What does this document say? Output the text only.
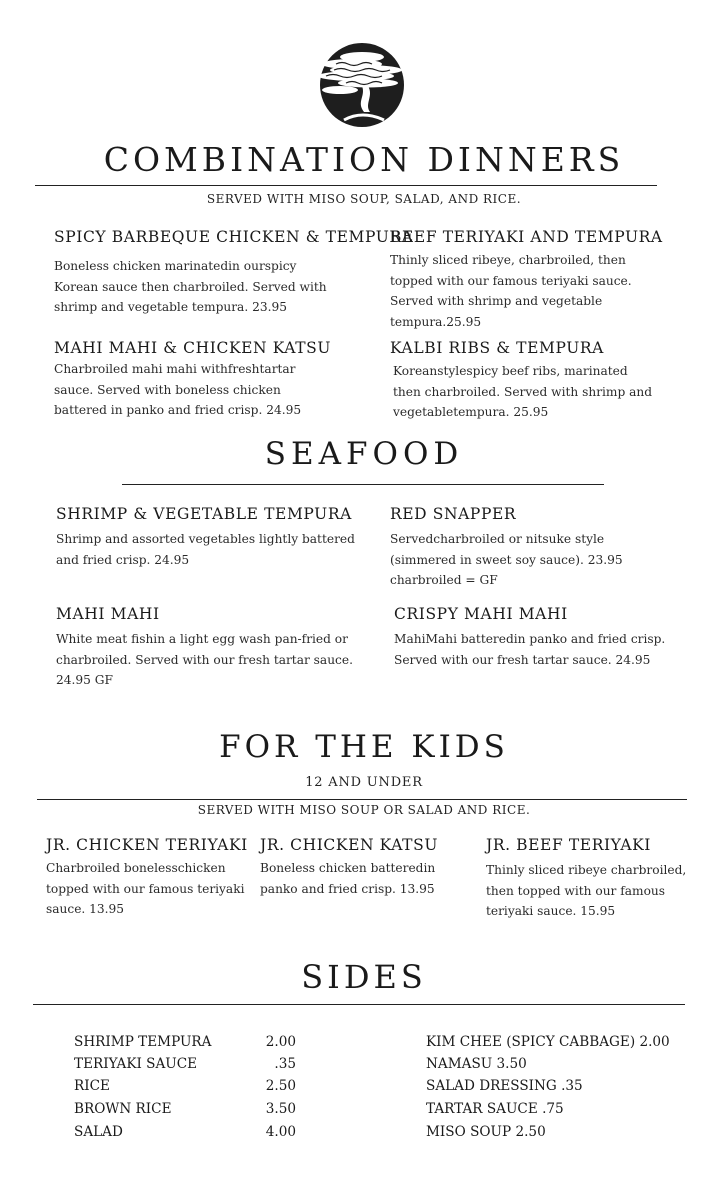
COMBINATION DINNERS
SERVED WITH MISO SOUP, SALAD, AND RICE.
SPICY BARBEQUE CHICKEN & TEMPURA
Boneless chicken marinatedin ourspicy
Korean sauce then charbroiled. Served with
shrimp and vegetable tempura. 23.95
BEEF TERIYAKI AND TEMPURA
Thinly sliced ribeye, charbroiled, then
topped with our famous teriyaki sauce.
Served with shrimp and vegetable
tempura.25.95
MAHI MAHI & CHICKEN KATSU
Charbroiled mahi mahi withfreshtartar
sauce. Served with boneless chicken
battered in panko and fried crisp. 24.95
KALBI RIBS & TEMPURA
Koreanstylespicy beef ribs, marinated
then charbroiled. Served with shrimp and
vegetabletempura. 25.95
SEAFOOD
SHRIMP & VEGETABLE TEMPURA
Shrimp and assorted vegetables lightly battered
and fried crisp. 24.95
RED SNAPPER
Servedcharbroiled or nitsuke style
(simmered in sweet soy sauce). 23.95
charbroiled = GF
MAHI MAHI
White meat fishin a light egg wash pan-fried or
charbroiled. Served with our fresh tartar sauce.
24.95 GF
CRISPY MAHI MAHI
MahiMahi batteredin panko and fried crisp.
Served with our fresh tartar sauce. 24.95
FOR THE KIDS
12 AND UNDER
SERVED WITH MISO SOUP OR SALAD AND RICE.
JR. CHICKEN TERIYAKI
Charbroiled bonelesschicken
topped with our famous teriyaki
sauce. 13.95
JR. CHICKEN KATSU
Boneless chicken batteredin
panko and fried crisp. 13.95
JR. BEEF TERIYAKI
Thinly sliced ribeye charbroiled,
then topped with our famous
teriyaki sauce. 15.95
SIDES
SHRIMP TEMPURA	2.00
TERIYAKI SAUCE	.35
RICE	2.50
BROWN RICE	3.50
SALAD	4.00
KIM CHEE (SPICY CABBAGE) 2.00
NAMASU 3.50
SALAD DRESSING .35
TARTAR SAUCE .75
MISO SOUP 2.50
